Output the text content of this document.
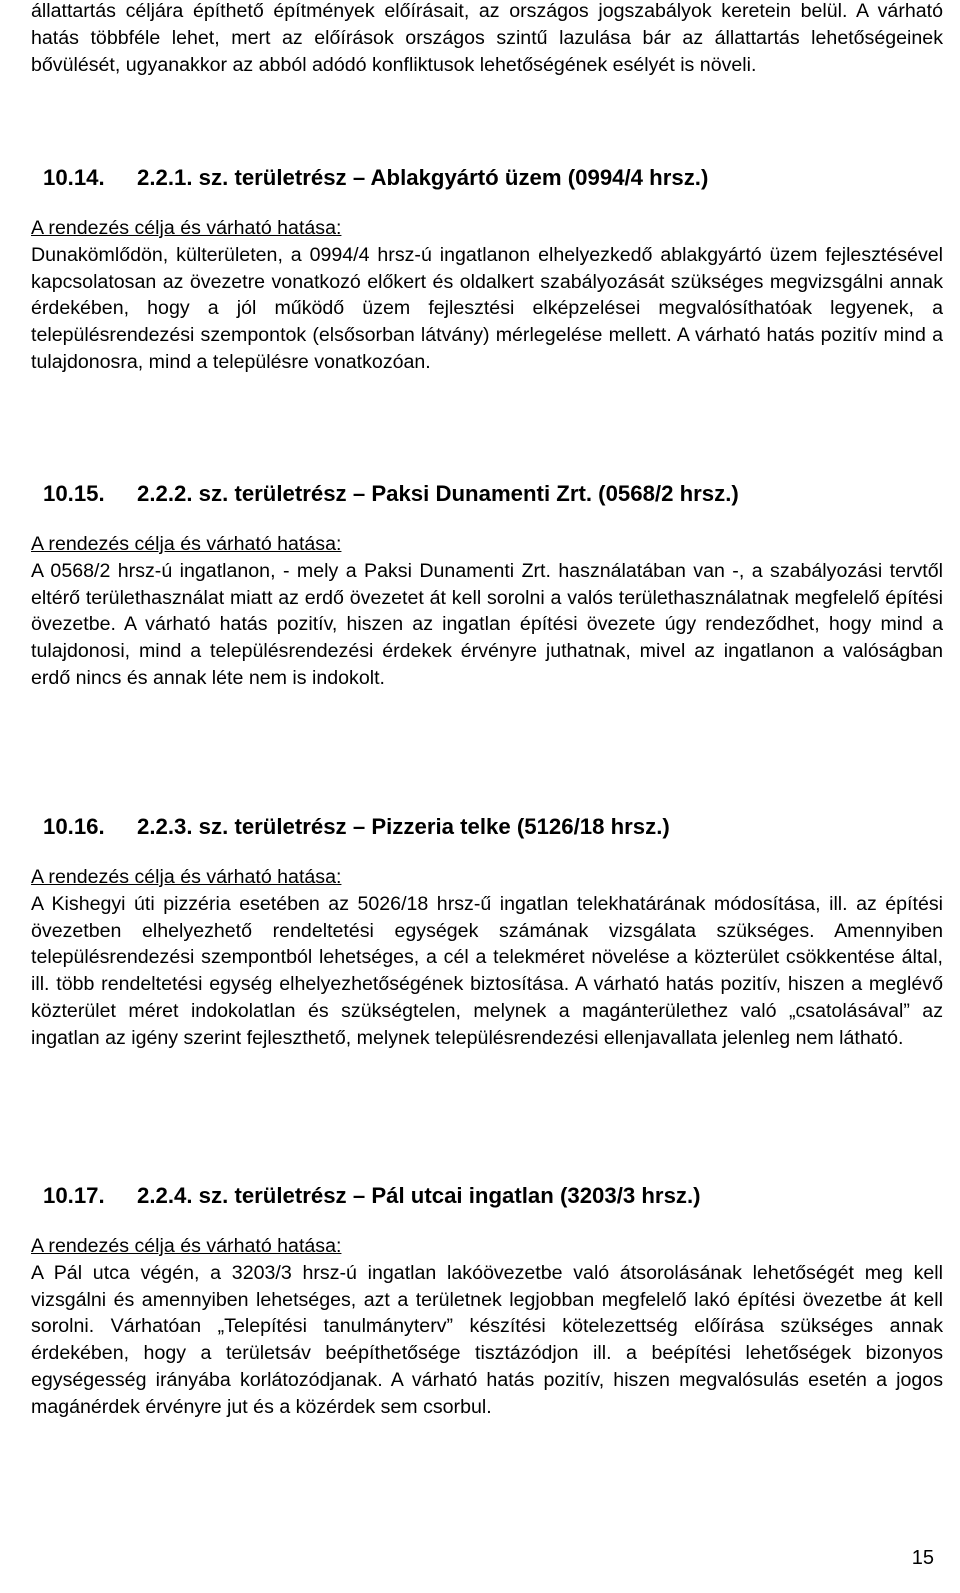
állattartás céljára építhető építmények előírásait, az országos jogszabályok keretein belül. A várható hatás többféle lehet, mert az előírások országos szintű lazulása bár az állattartás lehetőségeinek bővülését, ugyanakkor az abból adódó konfliktusok lehetőségének esélyét is növeli.

10.14. 2.2.1. sz. területrész – Ablakgyártó üzem (0994/4 hrsz.)

A rendezés célja és várható hatása:

Dunakömlődön, külterületen, a 0994/4 hrsz-ú ingatlanon elhelyezkedő ablakgyártó üzem fejlesztésével kapcsolatosan az övezetre vonatkozó előkert és oldalkert szabályozását szükséges megvizsgálni annak érdekében, hogy a jól működő üzem fejlesztési elképzelései megvalósíthatóak legyenek, a településrendezési szempontok (elsősorban látvány) mérlegelése mellett. A várható hatás pozitív mind a tulajdonosra, mind a településre vonatkozóan.

10.15. 2.2.2. sz. területrész – Paksi Dunamenti Zrt. (0568/2 hrsz.)

A rendezés célja és várható hatása:

A 0568/2 hrsz-ú ingatlanon, - mely a Paksi Dunamenti Zrt. használatában van -, a szabályozási tervtől eltérő területhasználat miatt az erdő övezetet át kell sorolni a valós területhasználatnak megfelelő építési övezetbe. A várható hatás pozitív, hiszen az ingatlan építési övezete úgy rendeződhet, hogy mind a tulajdonosi, mind a településrendezési érdekek érvényre juthatnak, mivel az ingatlanon a valóságban erdő nincs és annak léte nem is indokolt.

10.16. 2.2.3. sz. területrész – Pizzeria telke (5126/18 hrsz.)

A rendezés célja és várható hatása:

A Kishegyi úti pizzéria esetében az 5026/18 hrsz-ű ingatlan telekhatárának módosítása, ill. az építési övezetben elhelyezhető rendeltetési egységek számának vizsgálata szükséges. Amennyiben településrendezési szempontból lehetséges, a cél a telekméret növelése a közterület csökkentése által, ill. több rendeltetési egység elhelyezhetőségének biztosítása. A várható hatás pozitív, hiszen a meglévő közterület méret indokolatlan és szükségtelen, melynek a magánterülethez való „csatolásával” az ingatlan az igény szerint fejleszthető, melynek településrendezési ellenjavallata jelenleg nem látható.

10.17. 2.2.4. sz. területrész – Pál utcai ingatlan (3203/3 hrsz.)

A rendezés célja és várható hatása:

A Pál utca végén, a 3203/3 hrsz-ú ingatlan lakóövezetbe való átsorolásának lehetőségét meg kell vizsgálni és amennyiben lehetséges, azt a területnek legjobban megfelelő lakó építési övezetbe át kell sorolni. Várhatóan „Telepítési tanulmányterv” készítési kötelezettség előírása szükséges annak érdekében, hogy a területsáv beépíthetősége tisztázódjon ill. a beépítési lehetőségek bizonyos egységesség irányába korlátozódjanak. A várható hatás pozitív, hiszen megvalósulás esetén a jogos magánérdek érvényre jut és a közérdek sem csorbul.

15
